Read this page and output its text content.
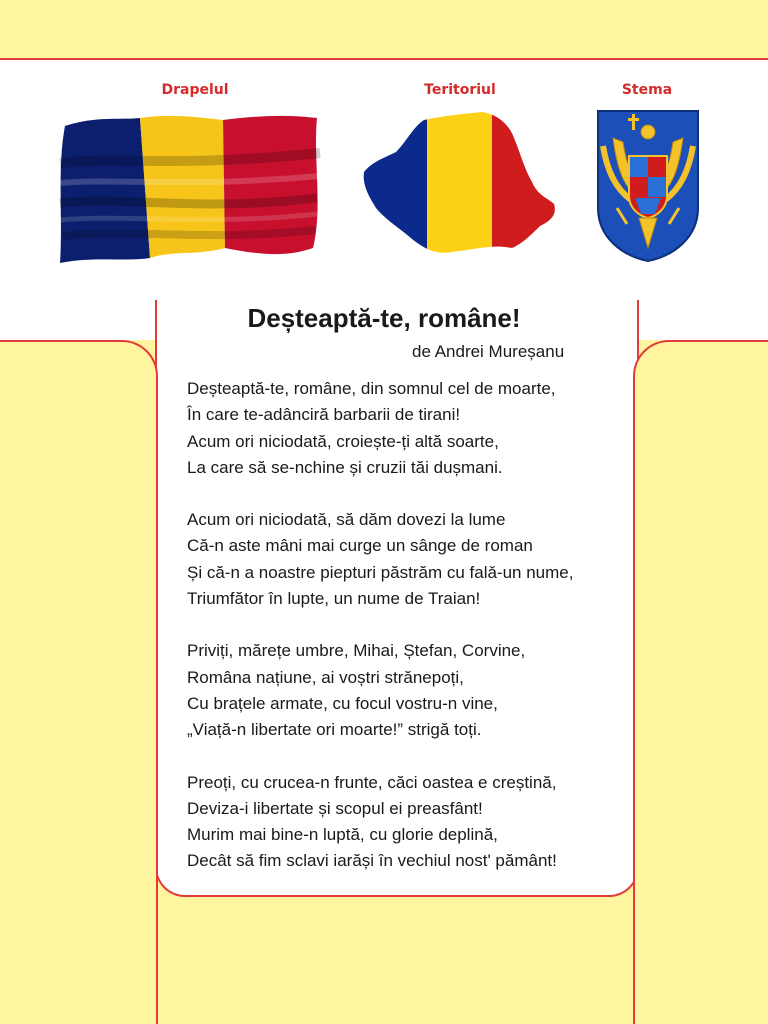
Drapelul	Teritoriul	Stema
Deșteaptă-te, române!
de Andrei Mureșanu
Deșteaptă-te, române, din somnul cel de moarte,
În care te-adânciră barbarii de tirani!
Acum ori niciodată, croiește-ți altă soarte,
La care să se-nchine și cruzii tăi dușmani.
Acum ori niciodată, să dăm dovezi la lume
Că-n aste mâni mai curge un sânge de roman
Și că-n a noastre piepturi păstrăm cu falǎ-un nume,
Triumfător în lupte, un nume de Traian!
Priviți, mărețe umbre, Mihai, Ștefan, Corvine,
Româna națiune, ai voștri strănepoți,
Cu brațele armate, cu focul vostru-n vine,
„Viață-n libertate ori moarte!” strigă toți.
Preoți, cu crucea-n frunte, căci oastea e creștină,
Deviza-i libertate și scopul ei preasfânt!
Murim mai bine-n luptă, cu glorie deplină,
Decât să fim sclavi iarăși în vechiul nost' pământ!
